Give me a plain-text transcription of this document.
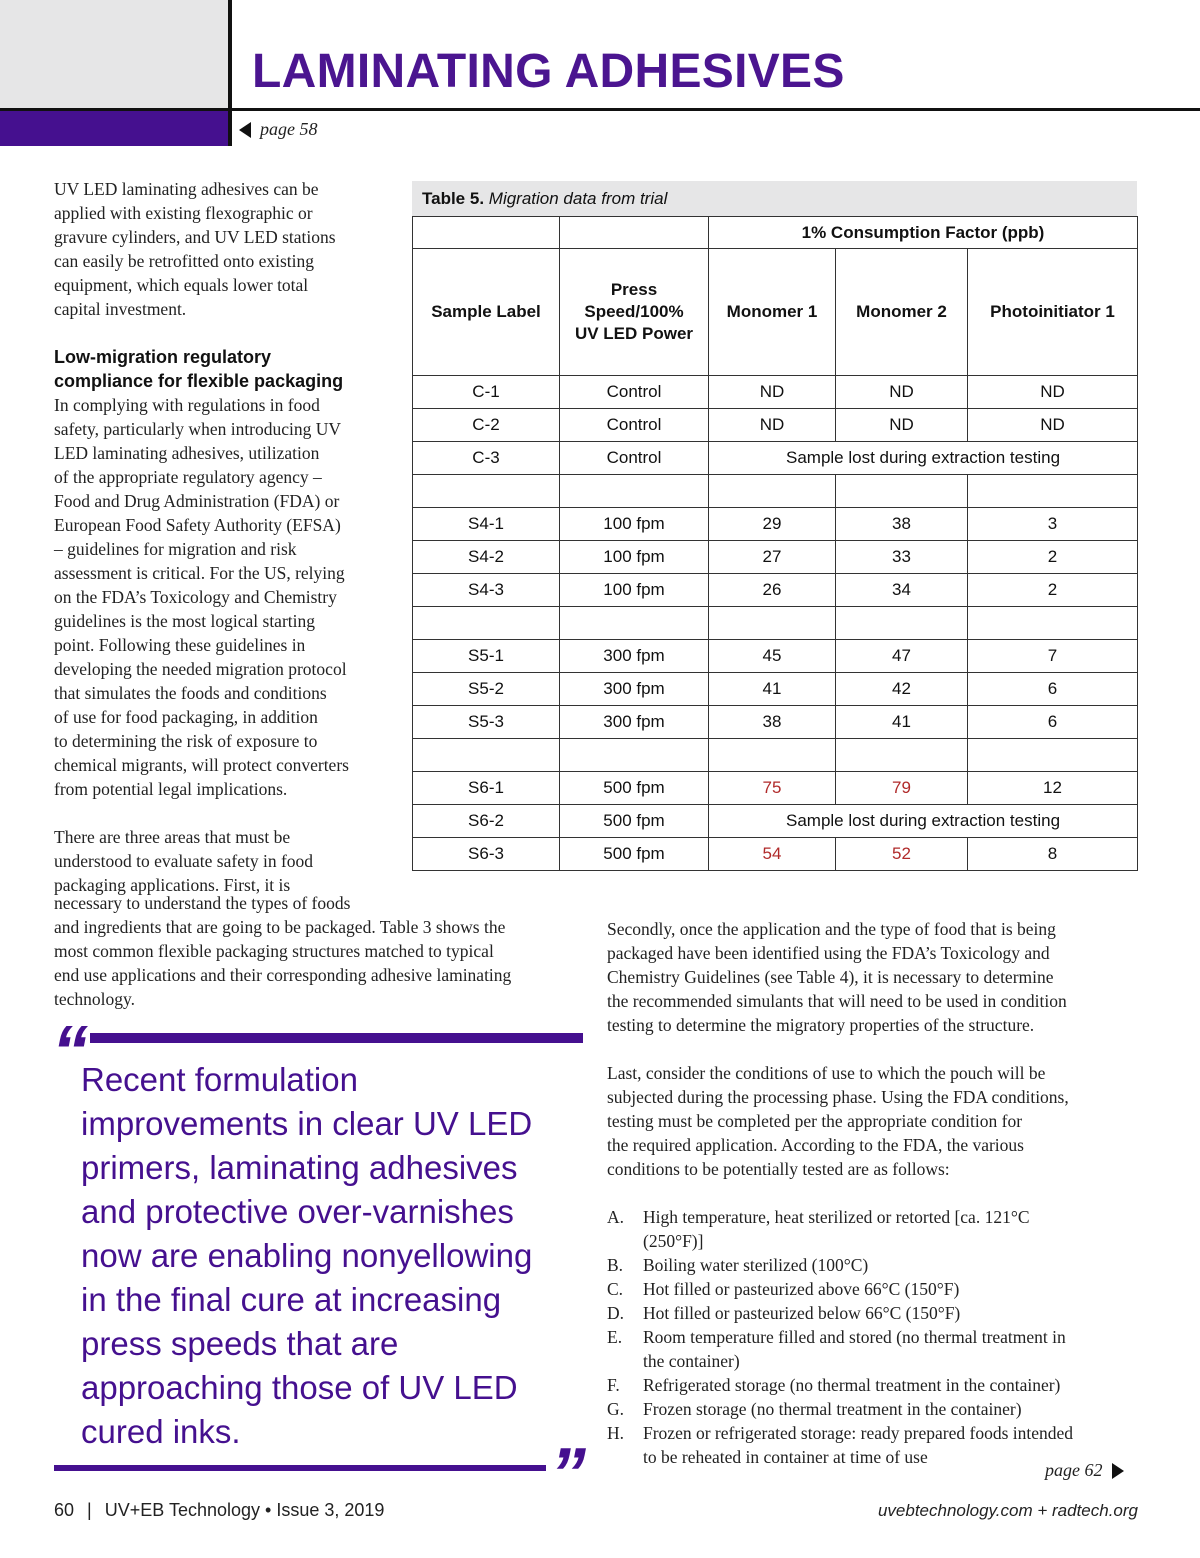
LAMINATING ADHESIVES
page 58

UV LED laminating adhesives can be
applied with existing flexographic or
gravure cylinders, and UV LED stations
can easily be retrofitted onto existing
equipment, which equals lower total
capital investment.

Low-migration regulatory
compliance for flexible packaging

In complying with regulations in food
safety, particularly when introducing UV
LED laminating adhesives, utilization
of the appropriate regulatory agency –
Food and Drug Administration (FDA) or
European Food Safety Authority (EFSA)
– guidelines for migration and risk
assessment is critical. For the US, relying
on the FDA’s Toxicology and Chemistry
guidelines is the most logical starting
point. Following these guidelines in
developing the needed migration protocol
that simulates the foods and conditions
of use for food packaging, in addition
to determining the risk of exposure to
chemical migrants, will protect converters
from potential legal implications.

There are three areas that must be
understood to evaluate safety in food
packaging applications. First, it is

necessary to understand the types of foods
and ingredients that are going to be packaged. Table 3 shows the
most common flexible packaging structures matched to typical
end use applications and their corresponding adhesive laminating
technology.

Table 5. Migration data from trial
		1% Consumption Factor (ppb)		
Sample Label	Press
Speed/100%
UV LED Power	Monomer 1	Monomer 2	Photoinitiator 1
C-1	Control	ND	ND	ND
C-2	Control	ND	ND	ND
C-3	Control	Sample lost during extraction testing		

S4-1	100 fpm	29	38	3
S4-2	100 fpm	27	33	2
S4-3	100 fpm	26	34	2

S5-1	300 fpm	45	47	7
S5-2	300 fpm	41	42	6
S5-3	300 fpm	38	41	6

S6-1	500 fpm	75	79	12
S6-2	500 fpm	Sample lost during extraction testing		
S6-3	500 fpm	54	52	8

Secondly, once the application and the type of food that is being
packaged have been identified using the FDA’s Toxicology and
Chemistry Guidelines (see Table 4), it is necessary to determine
the recommended simulants that will need to be used in condition
testing to determine the migratory properties of the structure.

Last, consider the conditions of use to which the pouch will be
subjected during the processing phase. Using the FDA conditions,
testing must be completed per the appropriate condition for
the required application. According to the FDA, the various
conditions to be potentially tested are as follows:

A.	High temperature, heat sterilized or retorted [ca. 121°C
(250°F)]
B.	Boiling water sterilized (100°C)
C.	Hot filled or pasteurized above 66°C (150°F)
D.	Hot filled or pasteurized below 66°C (150°F)
E.	Room temperature filled and stored (no thermal treatment in
the container)
F.	Refrigerated storage (no thermal treatment in the container)
G.	Frozen storage (no thermal treatment in the container)
H.	Frozen or refrigerated storage: ready prepared foods intended
to be reheated in container at time of use
“
Recent formulation
improvements in clear UV LED
primers, laminating adhesives
and protective over-varnishes
now are enabling nonyellowing
in the final cure at increasing
press speeds that are
approaching those of UV LED
cured inks.
”	page 62
60 | UV+EB Technology • Issue 3, 2019	uvebtechnology.com + radtech.org
